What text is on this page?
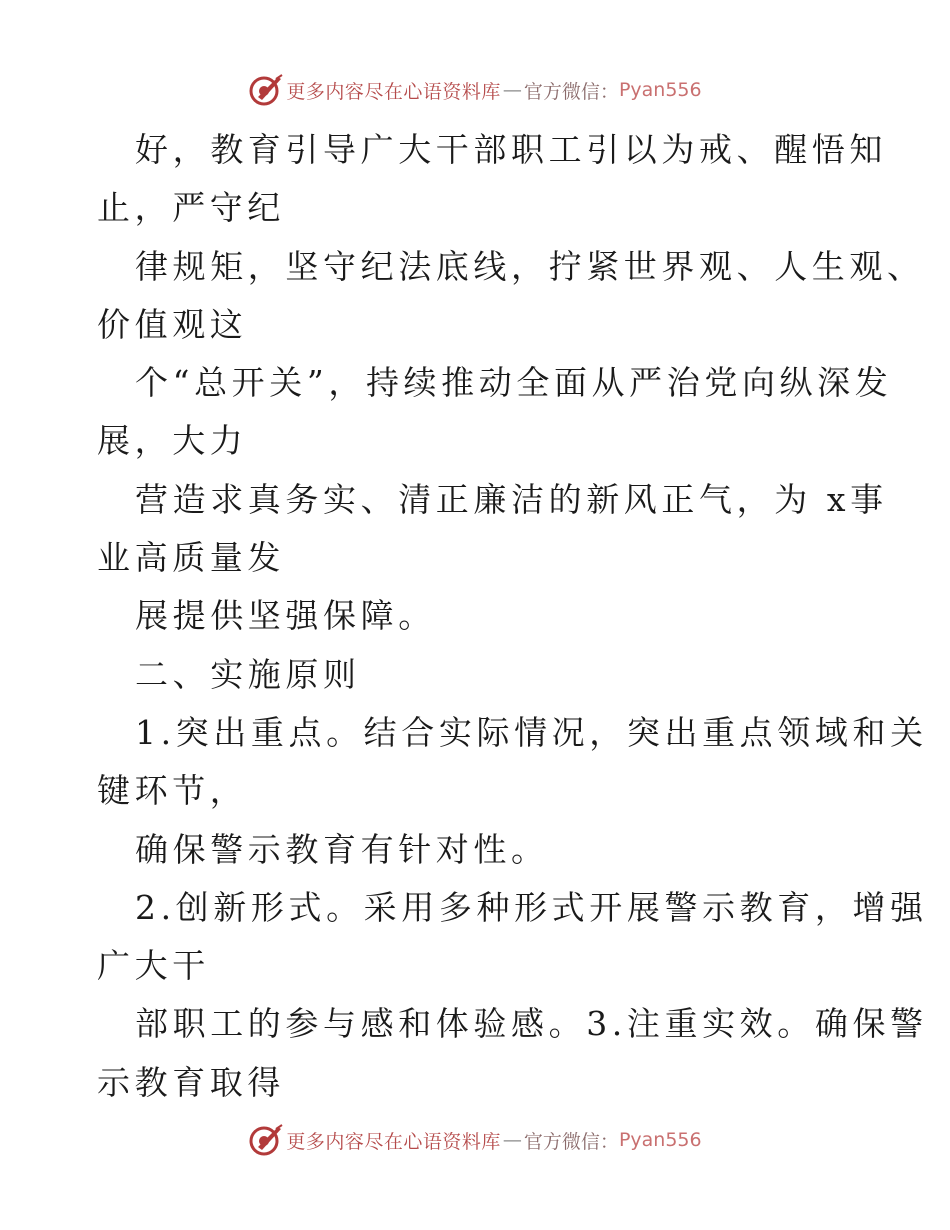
更多内容尽在心语资料库 — 官方微信： Pyan556
好，教育引导广大干部职工引以为戒、醒悟知
止，严守纪
律规矩，坚守纪法底线，拧紧世界观、人生观、
价值观这
个“总开关”，持续推动全面从严治党向纵深发
展，大力
营造求真务实、清正廉洁的新风正气，为 x事
业高质量发
展提供坚强保障。
二、实施原则
1.突出重点。结合实际情况，突出重点领域和关
键环节，
确保警示教育有针对性。
2.创新形式。采用多种形式开展警示教育，增强
广大干
部职工的参与感和体验感。3.注重实效。确保警
示教育取得
更多内容尽在心语资料库 — 官方微信： Pyan556
